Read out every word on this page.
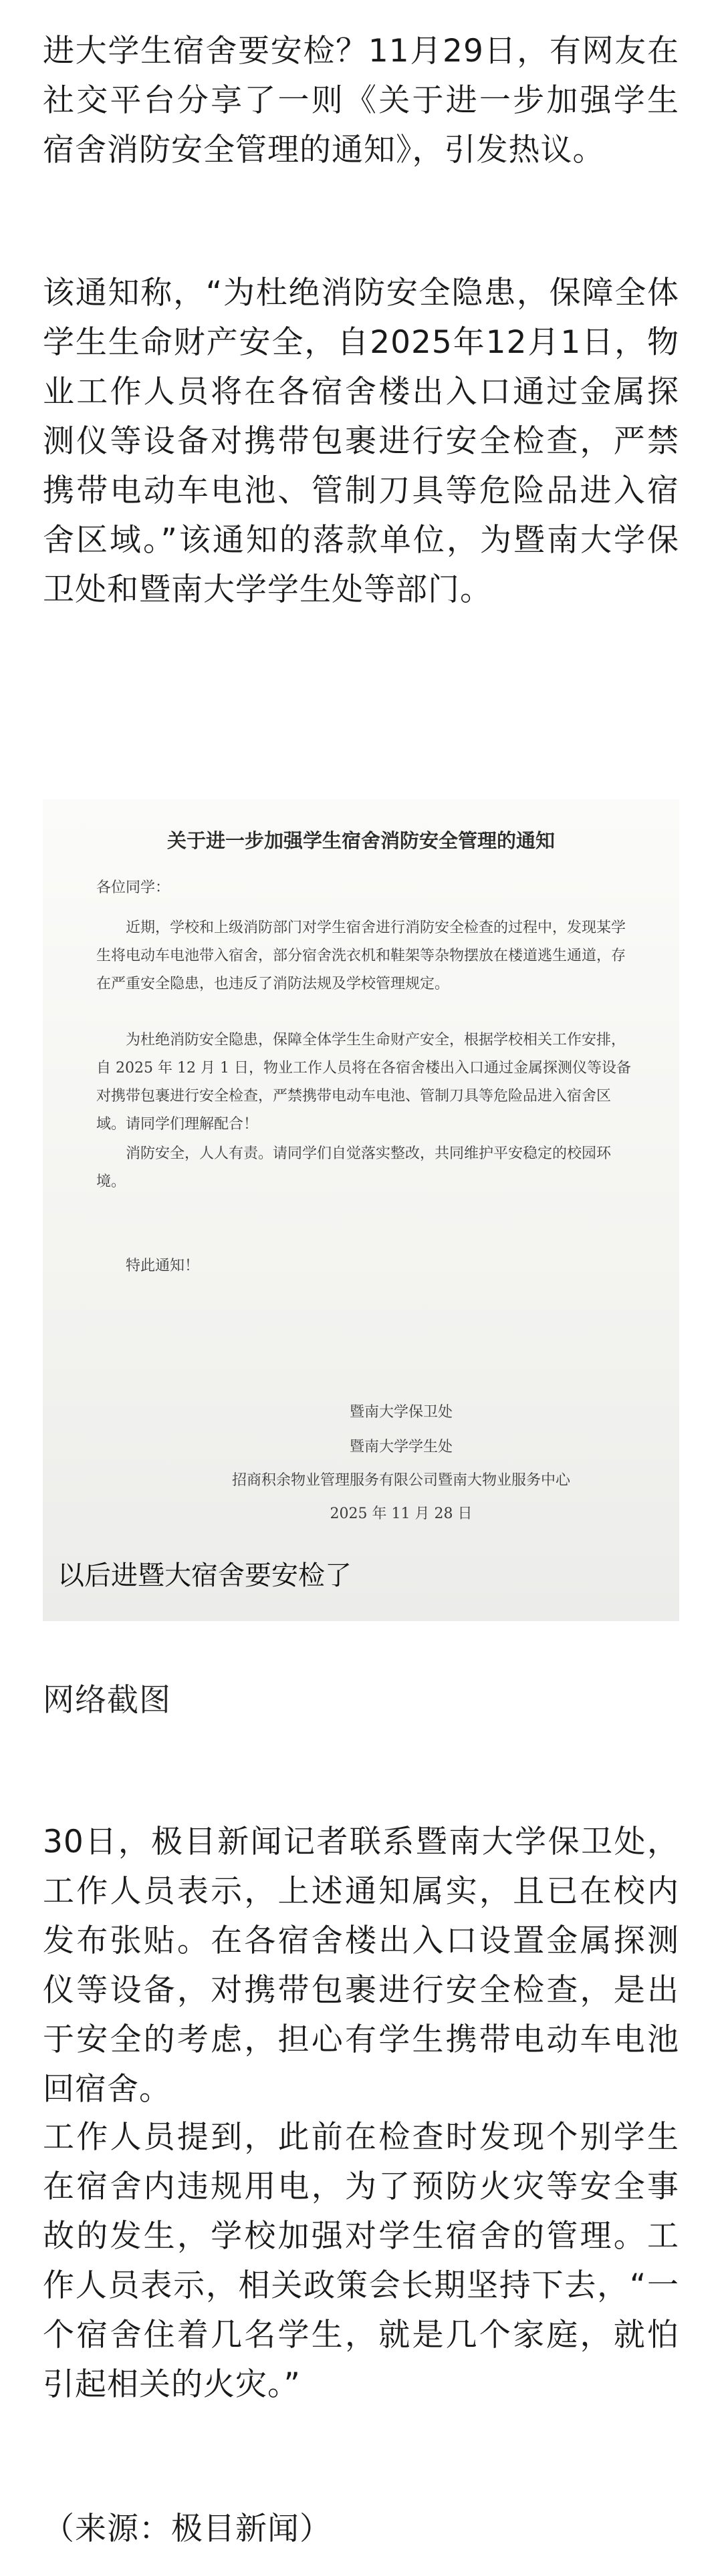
进大学生宿舍要安检？11月29日，有网友在社交平台分享了一则《关于进一步加强学生宿舍消防安全管理的通知》，引发热议。

该通知称，“为杜绝消防安全隐患，保障全体学生生命财产安全，自2025年12月1日，物业工作人员将在各宿舍楼出入口通过金属探测仪等设备对携带包裹进行安全检查，严禁携带电动车电池、管制刀具等危险品进入宿舍区域。”该通知的落款单位，为暨南大学保卫处和暨南大学学生处等部门。

关于进一步加强学生宿舍消防安全管理的通知

各位同学：

近期，学校和上级消防部门对学生宿舍进行消防安全检查的过程中，发现某学生将电动车电池带入宿舍，部分宿舍洗衣机和鞋架等杂物摆放在楼道逃生通道，存在严重安全隐患，也违反了消防法规及学校管理规定。

为杜绝消防安全隐患，保障全体学生生命财产安全，根据学校相关工作安排，自 2025 年 12 月 1 日，物业工作人员将在各宿舍楼出入口通过金属探测仪等设备对携带包裹进行安全检查，严禁携带电动车电池、管制刀具等危险品进入宿舍区域。请同学们理解配合！

消防安全，人人有责。请同学们自觉落实整改，共同维护平安稳定的校园环境。

特此通知！

暨南大学保卫处
暨南大学学生处
招商积余物业管理服务有限公司暨南大物业服务中心
2025 年 11 月 28 日
以后进暨大宿舍要安检了

网络截图

30日，极目新闻记者联系暨南大学保卫处，工作人员表示，上述通知属实，且已在校内发布张贴。在各宿舍楼出入口设置金属探测仪等设备，对携带包裹进行安全检查，是出于安全的考虑，担心有学生携带电动车电池回宿舍。

工作人员提到，此前在检查时发现个别学生在宿舍内违规用电，为了预防火灾等安全事故的发生，学校加强对学生宿舍的管理。工作人员表示，相关政策会长期坚持下去，“一个宿舍住着几名学生，就是几个家庭，就怕引起相关的火灾。”

（来源：极目新闻）
